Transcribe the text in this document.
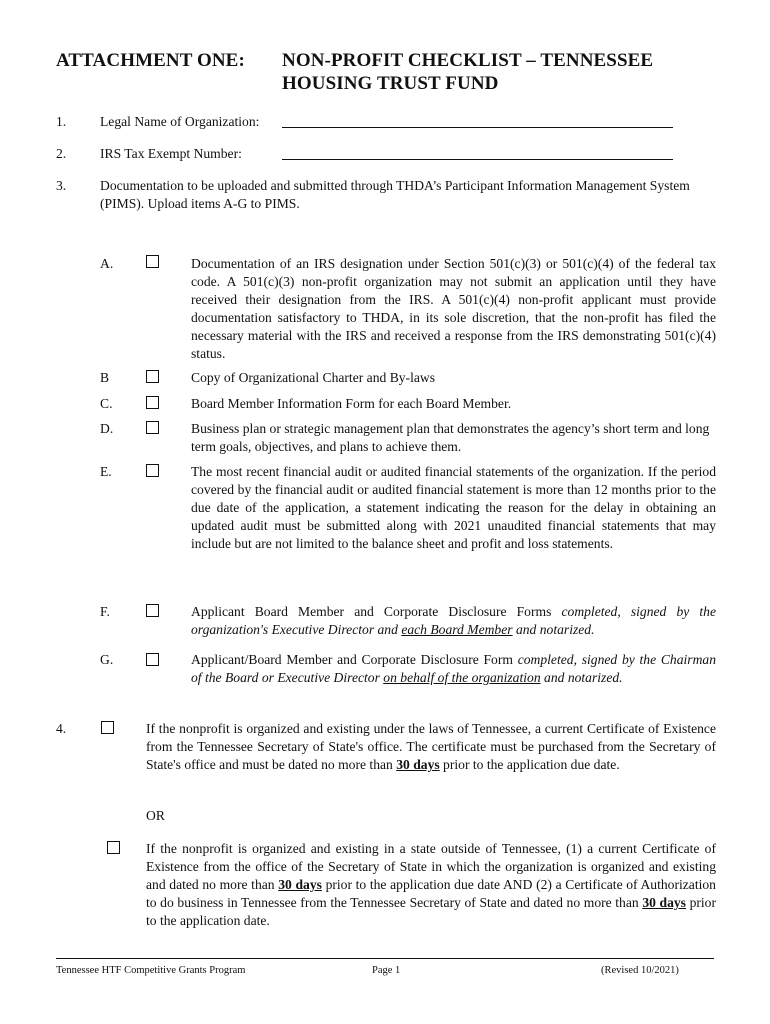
ATTACHMENT ONE: NON-PROFIT CHECKLIST – TENNESSEE
HOUSING TRUST FUND
1. Legal Name of Organization:
2. IRS Tax Exempt Number:
3. Documentation to be uploaded and submitted through THDA’s Participant Information Management System (PIMS). Upload items A-G to PIMS.
A.	Documentation of an IRS designation under Section 501(c)(3) or 501(c)(4) of the federal tax code. A 501(c)(3) non-profit organization may not submit an application until they have received their designation from the IRS. A 501(c)(4) non-profit applicant must provide documentation satisfactory to THDA, in its sole discretion, that the non-profit has filed the necessary material with the IRS and received a response from the IRS demonstrating 501(c)(4) status.
B	Copy of Organizational Charter and By-laws
C.	Board Member Information Form for each Board Member.
D.	Business plan or strategic management plan that demonstrates the agency’s short term and long term goals, objectives, and plans to achieve them.
E.	The most recent financial audit or audited financial statements of the organization. If the period covered by the financial audit or audited financial statement is more than 12 months prior to the due date of the application, a statement indicating the reason for the delay in obtaining an updated audit must be submitted along with 2021 unaudited financial statements that may include but are not limited to the balance sheet and profit and loss statements.
F.	Applicant Board Member and Corporate Disclosure Forms completed, signed by the organization's Executive Director and each Board Member and notarized.
G.	Applicant/Board Member and Corporate Disclosure Form completed, signed by the Chairman of the Board or Executive Director on behalf of the organization and notarized.
4.	If the nonprofit is organized and existing under the laws of Tennessee, a current Certificate of Existence from the Tennessee Secretary of State's office. The certificate must be purchased from the Secretary of State's office and must be dated no more than 30 days prior to the application due date.
OR
If the nonprofit is organized and existing in a state outside of Tennessee, (1) a current Certificate of Existence from the office of the Secretary of State in which the organization is organized and existing and dated no more than 30 days prior to the application due date AND (2) a Certificate of Authorization to do business in Tennessee from the Tennessee Secretary of State and dated no more than 30 days prior to the application date.
Tennessee HTF Competitive Grants Program	Page 1	(Revised 10/2021)
